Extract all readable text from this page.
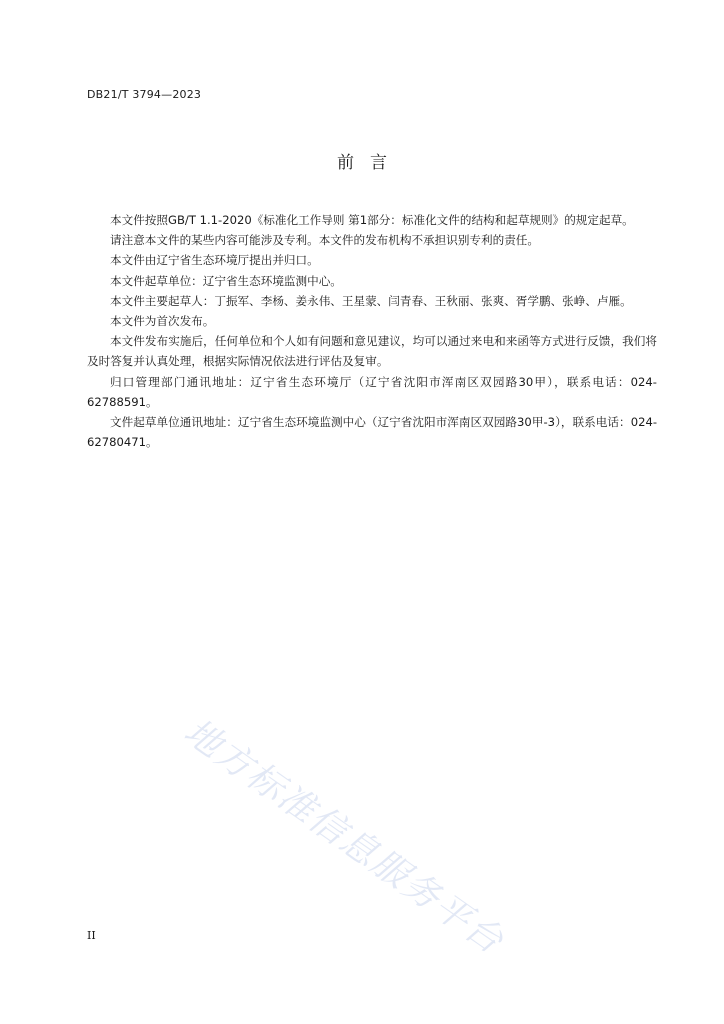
DB21/T 3794—2023
前言

本文件按照GB/T 1.1-2020《标准化工作导则 第1部分：标准化文件的结构和起草规则》的规定起草。

请注意本文件的某些内容可能涉及专利。本文件的发布机构不承担识别专利的责任。

本文件由辽宁省生态环境厅提出并归口。

本文件起草单位：辽宁省生态环境监测中心。

本文件主要起草人：丁振军、李杨、姜永伟、王星蒙、闫青春、王秋丽、张爽、胥学鹏、张峥、卢雁。

本文件为首次发布。

本文件发布实施后，任何单位和个人如有问题和意见建议，均可以通过来电和来函等方式进行反馈，我们将及时答复并认真处理，根据实际情况依法进行评估及复审。

归口管理部门通讯地址：辽宁省生态环境厅（辽宁省沈阳市浑南区双园路30甲），联系电话：024-62788591。

文件起草单位通讯地址：辽宁省生态环境监测中心（辽宁省沈阳市浑南区双园路30甲-3），联系电话：024-62780471。

地方标准信息服务平台
II
